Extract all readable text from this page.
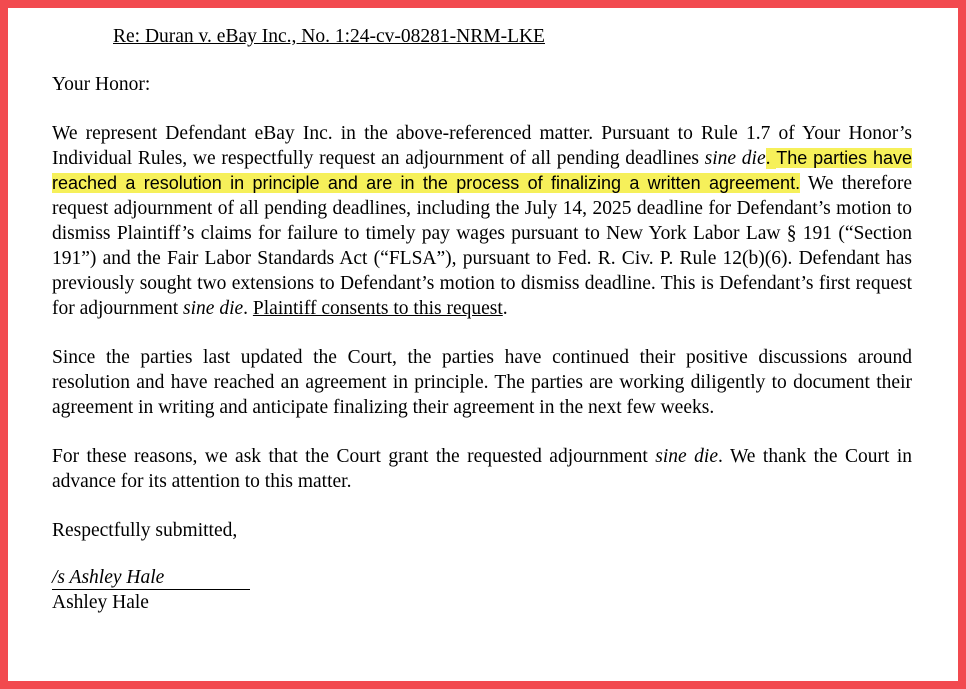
Re: Duran v. eBay Inc., No. 1:24-cv-08281-NRM-LKE
Your Honor:

We represent Defendant eBay Inc. in the above-referenced matter. Pursuant to Rule 1.7 of Your Honor’s Individual Rules, we respectfully request an adjournment of all pending deadlines sine die. The parties have reached a resolution in principle and are in the process of finalizing a written agreement. We therefore request adjournment of all pending deadlines, including the July 14, 2025 deadline for Defendant’s motion to dismiss Plaintiff’s claims for failure to timely pay wages pursuant to New York Labor Law § 191 (“Section 191”) and the Fair Labor Standards Act (“FLSA”), pursuant to Fed. R. Civ. P. Rule 12(b)(6). Defendant has previously sought two extensions to Defendant’s motion to dismiss deadline. This is Defendant’s first request for adjournment sine die. Plaintiff consents to this request.

Since the parties last updated the Court, the parties have continued their positive discussions around resolution and have reached an agreement in principle. The parties are working diligently to document their agreement in writing and anticipate finalizing their agreement in the next few weeks.

For these reasons, we ask that the Court grant the requested adjournment sine die. We thank the Court in advance for its attention to this matter.

Respectfully submitted,
/s Ashley Hale
Ashley Hale
